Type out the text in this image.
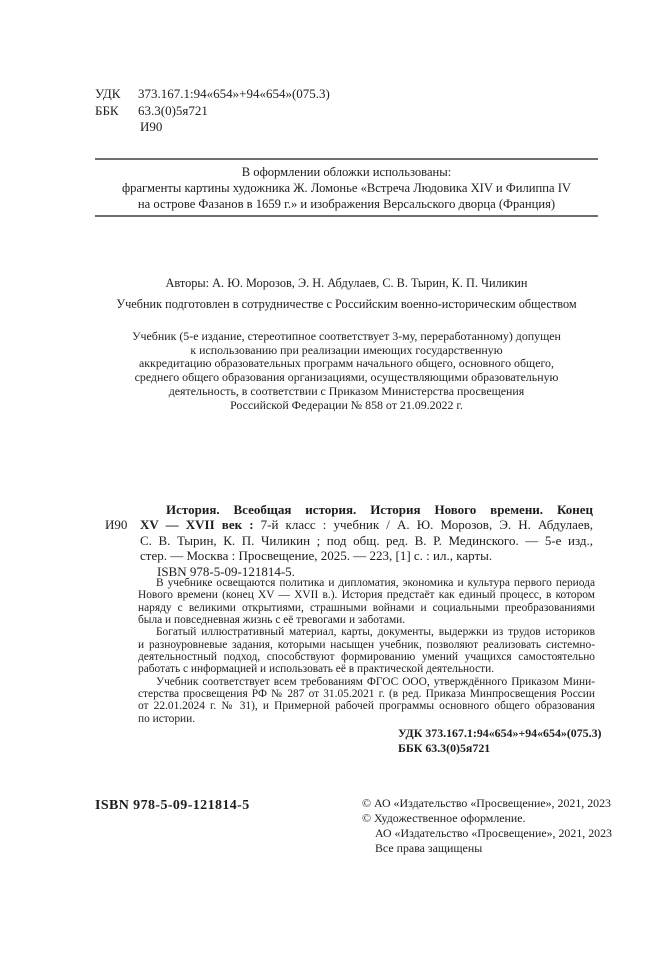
УДК 373.167.1:94«654»+94«654»(075.3)
ББК 63.3(0)5я721
И90
В оформлении обложки использованы:
фрагменты картины художника Ж. Ломонье «Встреча Людовика XIV и Филиппа IV
на острове Фазанов в 1659 г.» и изображения Версальского дворца (Франция)
Авторы: А. Ю. Морозов, Э. Н. Абдулаев, С. В. Тырин, К. П. Чиликин
Учебник подготовлен в сотрудничестве с Российским военно-историческим обществом
Учебник (5-е издание, стереотипное соответствует 3-му, переработанному) допущен
к использованию при реализации имеющих государственную
аккредитацию образовательных программ начального общего, основного общего,
среднего общего образования организациями, осуществляющими образовательную
деятельность, в соответствии с Приказом Министерства просвещения
Российской Федерации № 858 от 21.09.2022 г.
И90
История. Всеобщая история. История Нового времени. Конец
XV — XVII век : 7-й класс : учебник / А. Ю. Морозов, Э. Н. Абдулаев,
С. В. Тырин, К. П. Чиликин ; под общ. ред. В. Р. Мединского. — 5-е изд.,
стер. — Москва : Просвещение, 2025. — 223, [1] с. : ил., карты.
ISBN 978-5-09-121814-5.
В учебнике освещаются политика и дипломатия, экономика и культура первого периода
Нового времени (конец XV — XVII в.). История предстаёт как единый процесс, в котором
наряду с великими открытиями, страшными войнами и социальными преобразованиями
была и повседневная жизнь с её тревогами и заботами.
Богатый иллюстративный материал, карты, документы, выдержки из трудов историков
и разноуровневые задания, которыми насыщен учебник, позволяют реализовать системно-
деятельностный подход, способствуют формированию умений учащихся самостоятельно
работать с информацией и использовать её в практической деятельности.
Учебник соответствует всем требованиям ФГОС ООО, утверждённого Приказом Мини-
стерства просвещения РФ № 287 от 31.05.2021 г. (в ред. Приказа Минпросвещения России
от 22.01.2024 г. № 31), и Примерной рабочей программы основного общего образования
по истории.
УДК 373.167.1:94«654»+94«654»(075.3)
ББК 63.3(0)5я721
ISBN 978-5-09-121814-5	© АО «Издательство «Просвещение», 2021, 2023
© Художественное оформление.
АО «Издательство «Просвещение», 2021, 2023
Все права защищены
